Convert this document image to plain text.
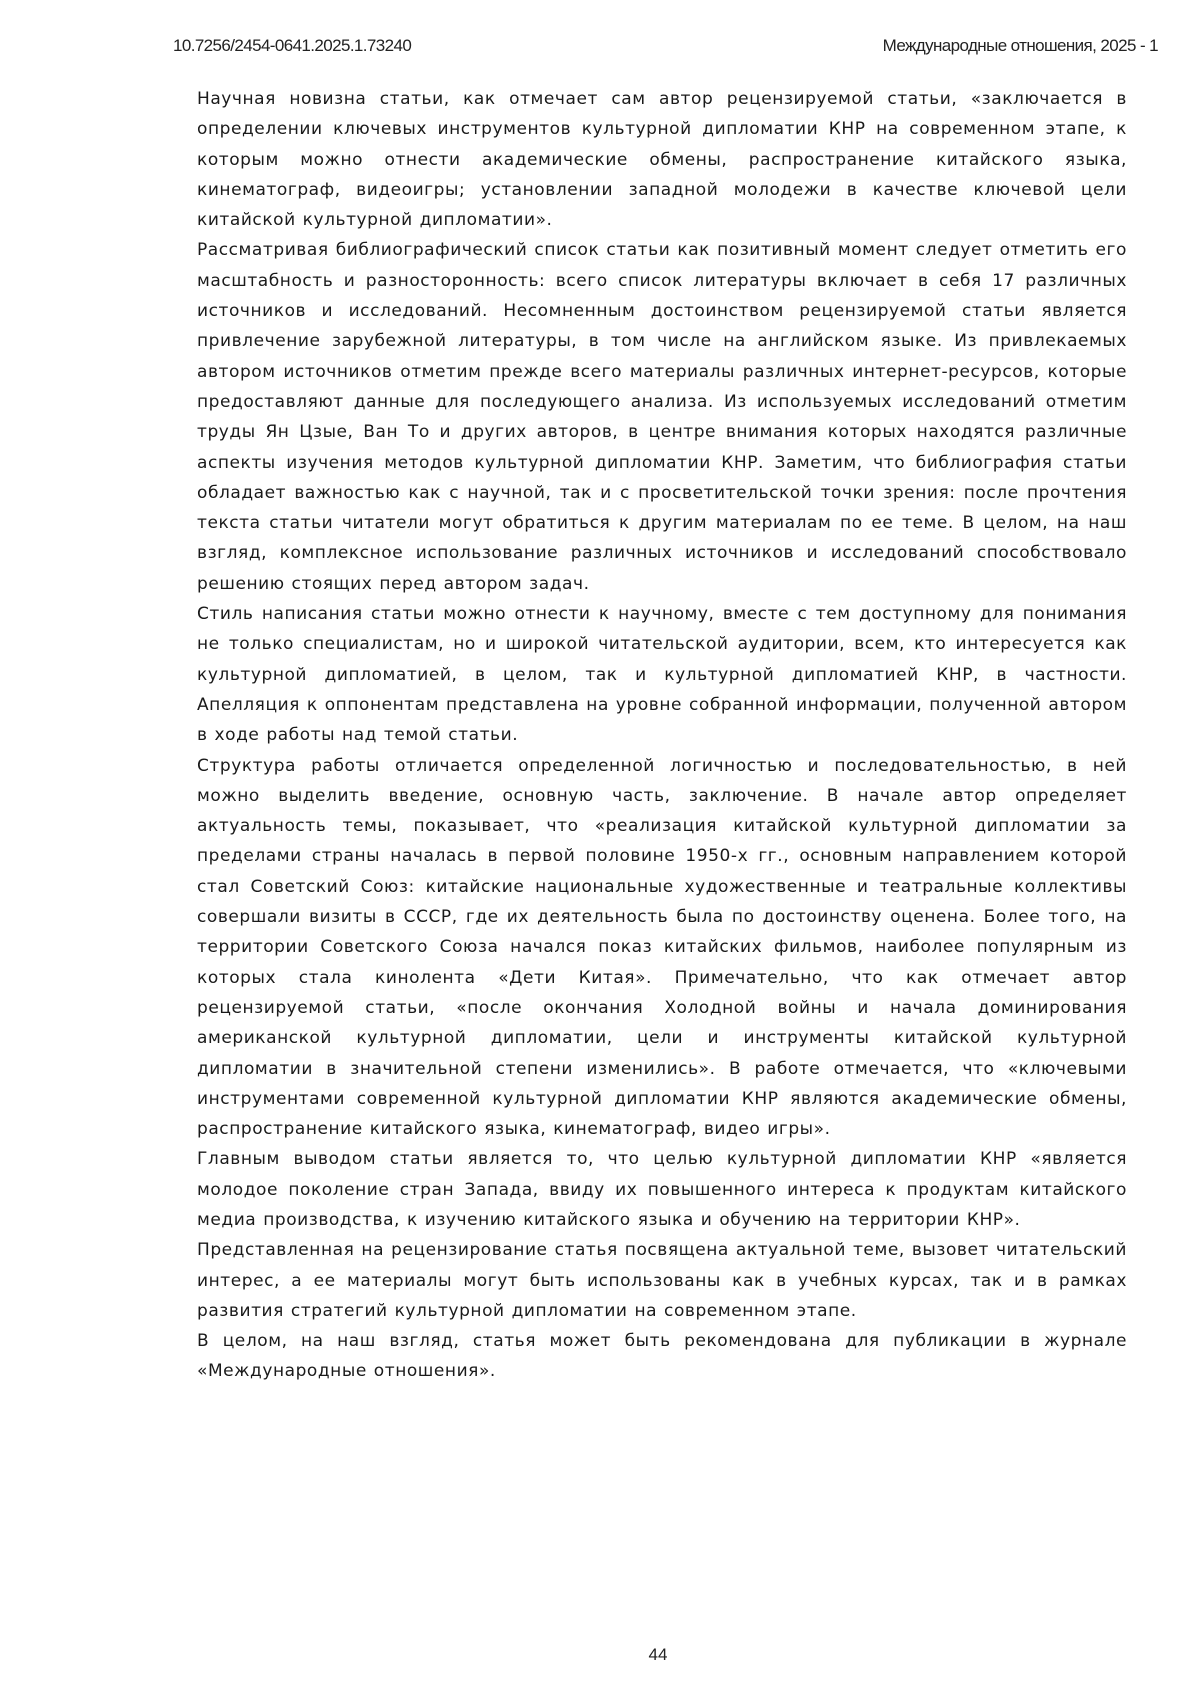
10.7256/2454-0641.2025.1.73240	Международные отношения, 2025 - 1

Научная новизна статьи, как отмечает сам автор рецензируемой статьи, «заключается в определении ключевых инструментов культурной дипломатии КНР на современном этапе, к которым можно отнести академические обмены, распространение китайского языка, кинематограф, видеоигры; установлении западной молодежи в качестве ключевой цели китайской культурной дипломатии».

Рассматривая библиографический список статьи как позитивный момент следует отметить его масштабность и разносторонность: всего список литературы включает в себя 17 различных источников и исследований. Несомненным достоинством рецензируемой статьи является привлечение зарубежной литературы, в том числе на английском языке. Из привлекаемых автором источников отметим прежде всего материалы различных интернет-ресурсов, которые предоставляют данные для последующего анализа. Из используемых исследований отметим труды Ян Цзые, Ван То и других авторов, в центре внимания которых находятся различные аспекты изучения методов культурной дипломатии КНР. Заметим, что библиография статьи обладает важностью как с научной, так и с просветительской точки зрения: после прочтения текста статьи читатели могут обратиться к другим материалам по ее теме. В целом, на наш взгляд, комплексное использование различных источников и исследований способствовало решению стоящих перед автором задач.

Стиль написания статьи можно отнести к научному, вместе с тем доступному для понимания не только специалистам, но и широкой читательской аудитории, всем, кто интересуется как культурной дипломатией, в целом, так и культурной дипломатией КНР, в частности. Апелляция к оппонентам представлена на уровне собранной информации, полученной автором в ходе работы над темой статьи.

Структура работы отличается определенной логичностью и последовательностью, в ней можно выделить введение, основную часть, заключение. В начале автор определяет актуальность темы, показывает, что «реализация китайской культурной дипломатии за пределами страны началась в первой половине 1950-х гг., основным направлением которой стал Советский Союз: китайские национальные художественные и театральные коллективы совершали визиты в СССР, где их деятельность была по достоинству оценена. Более того, на территории Советского Союза начался показ китайских фильмов, наиболее популярным из которых стала кинолента «Дети Китая». Примечательно, что как отмечает автор рецензируемой статьи, «после окончания Холодной войны и начала доминирования американской культурной дипломатии, цели и инструменты китайской культурной дипломатии в значительной степени изменились». В работе отмечается, что «ключевыми инструментами современной культурной дипломатии КНР являются академические обмены, распространение китайского языка, кинематограф, видео игры».

Главным выводом статьи является то, что целью культурной дипломатии КНР «является молодое поколение стран Запада, ввиду их повышенного интереса к продуктам китайского медиа производства, к изучению китайского языка и обучению на территории КНР».

Представленная на рецензирование статья посвящена актуальной теме, вызовет читательский интерес, а ее материалы могут быть использованы как в учебных курсах, так и в рамках развития стратегий культурной дипломатии на современном этапе.

В целом, на наш взгляд, статья может быть рекомендована для публикации в журнале «Международные отношения».

44
